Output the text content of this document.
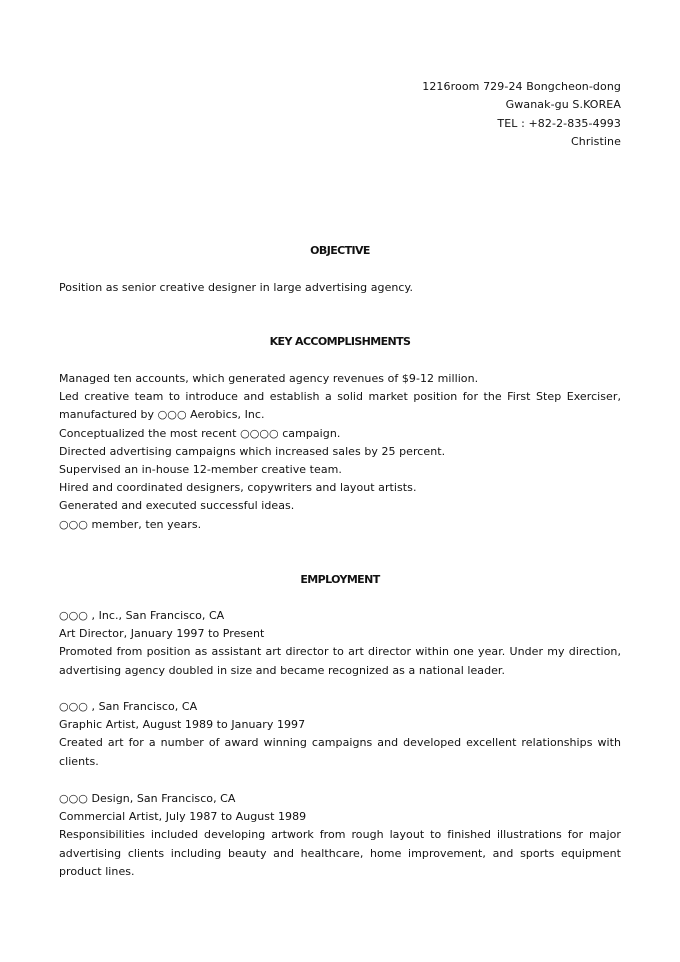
1216room 729-24 Bongcheon-dong
Gwanak-gu S.KOREA
TEL : +82-2-835-4993
Christine
OBJECTIVE
Position as senior creative designer in large advertising agency.
KEY ACCOMPLISHMENTS
Managed ten accounts, which generated agency revenues of $9-12 million.
Led creative team to introduce and establish a solid market position for the First Step Exerciser,
manufactured by ○○○ Aerobics, Inc.
Conceptualized the most recent ○○○○ campaign.
Directed advertising campaigns which increased sales by 25 percent.
Supervised an in-house 12-member creative team.
Hired and coordinated designers, copywriters and layout artists.
Generated and executed successful ideas.
○○○ member, ten years.
EMPLOYMENT
○○○ , Inc., San Francisco, CA
Art Director, January 1997 to Present
Promoted from position as assistant art director to art director within one year. Under my direction,
advertising agency doubled in size and became recognized as a national leader.
○○○ , San Francisco, CA
Graphic Artist, August 1989 to January 1997
Created art for a number of award winning campaigns and developed excellent relationships with
clients.
○○○ Design, San Francisco, CA
Commercial Artist, July 1987 to August 1989
Responsibilities included developing artwork from rough layout to finished illustrations for major
advertising clients including beauty and healthcare, home improvement, and sports equipment
product lines.
